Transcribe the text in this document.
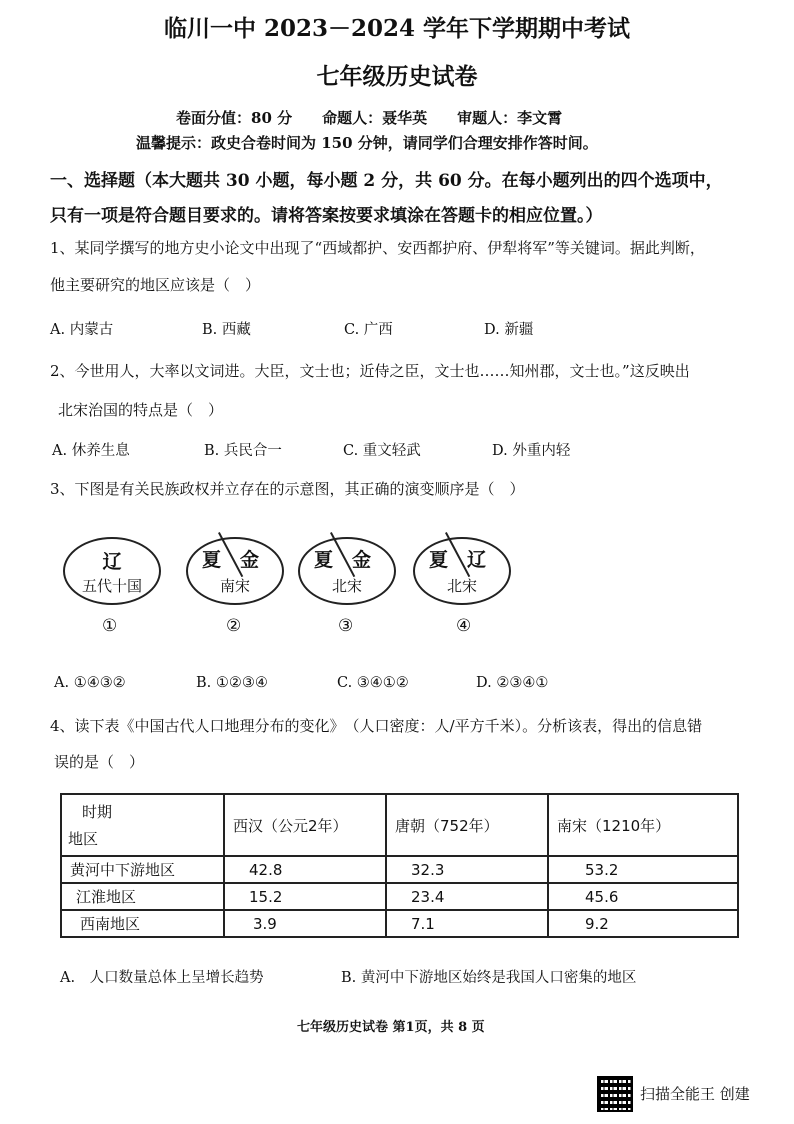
临川一中 2023－2024 学年下学期期中考试
七年级历史试卷
卷面分值：80 分　　命题人：聂华英　　审题人：李文霄
温馨提示：政史合卷时间为 150 分钟，请同学们合理安排作答时间。
一、选择题（本大题共 30 小题，每小题 2 分，共 60 分。在每小题列出的四个选项中，
只有一项是符合题目要求的。请将答案按要求填涂在答题卡的相应位置。）
1、某同学撰写的地方史小论文中出现了“西域都护、安西都护府、伊犁将军”等关键词。据此判断，
他主要研究的地区应该是（　）
A. 内蒙古	B. 西藏	C. 广西	D. 新疆
2、今世用人，大率以文词进。大臣，文士也；近侍之臣，文士也……知州郡，文士也。”这反映出
北宋治国的特点是（　）
A. 休养生息	B. 兵民合一	C. 重文轻武	D. 外重内轻
3、下图是有关民族政权并立存在的示意图，其正确的演变顺序是（　）
辽
五代十国
①
夏 金
南宋
②
夏 金
北宋
③
夏 辽
北宋
④
A. ①④③②	B. ①②③④	C. ③④①②	D. ②③④①
4、读下表《中国古代人口地理分布的变化》　（人口密度：人/平方千米）。分析该表，得出的信息错
误的是（　）
时期
地区	西汉（公元2年）	唐朝（752年）	南宋（1210年）
黄河中下游地区	42.8	32.3	53.2
江淮地区	15.2	23.4	45.6
西南地区	3.9	7.1	9.2
A.　人口数量总体上呈增长趋势	B. 黄河中下游地区始终是我国人口密集的地区
七年级历史试卷 第1页，共 8 页
扫描全能王 创建
